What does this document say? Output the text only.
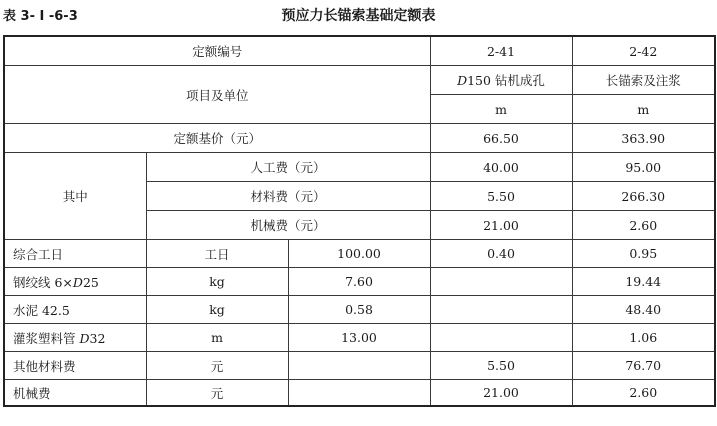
表 3- Ⅰ -6-3	预应力长锚索基础定额表
定额编号			2-41	2-42
项目及单位			D150 钻机成孔	长锚索及注浆
			m	m
定额基价（元）			66.50	363.90
其中	人工费（元）		40.00	95.00
	材料费（元）		5.50	266.30
	机械费（元）		21.00	2.60
综合工日	工日	100.00	0.40	0.95
钢绞线 6×D25	kg	7.60		19.44
水泥 42.5	kg	0.58		48.40
灌浆塑料管 D32	m	13.00		1.06
其他材料费	元		5.50	76.70
机械费	元		21.00	2.60
